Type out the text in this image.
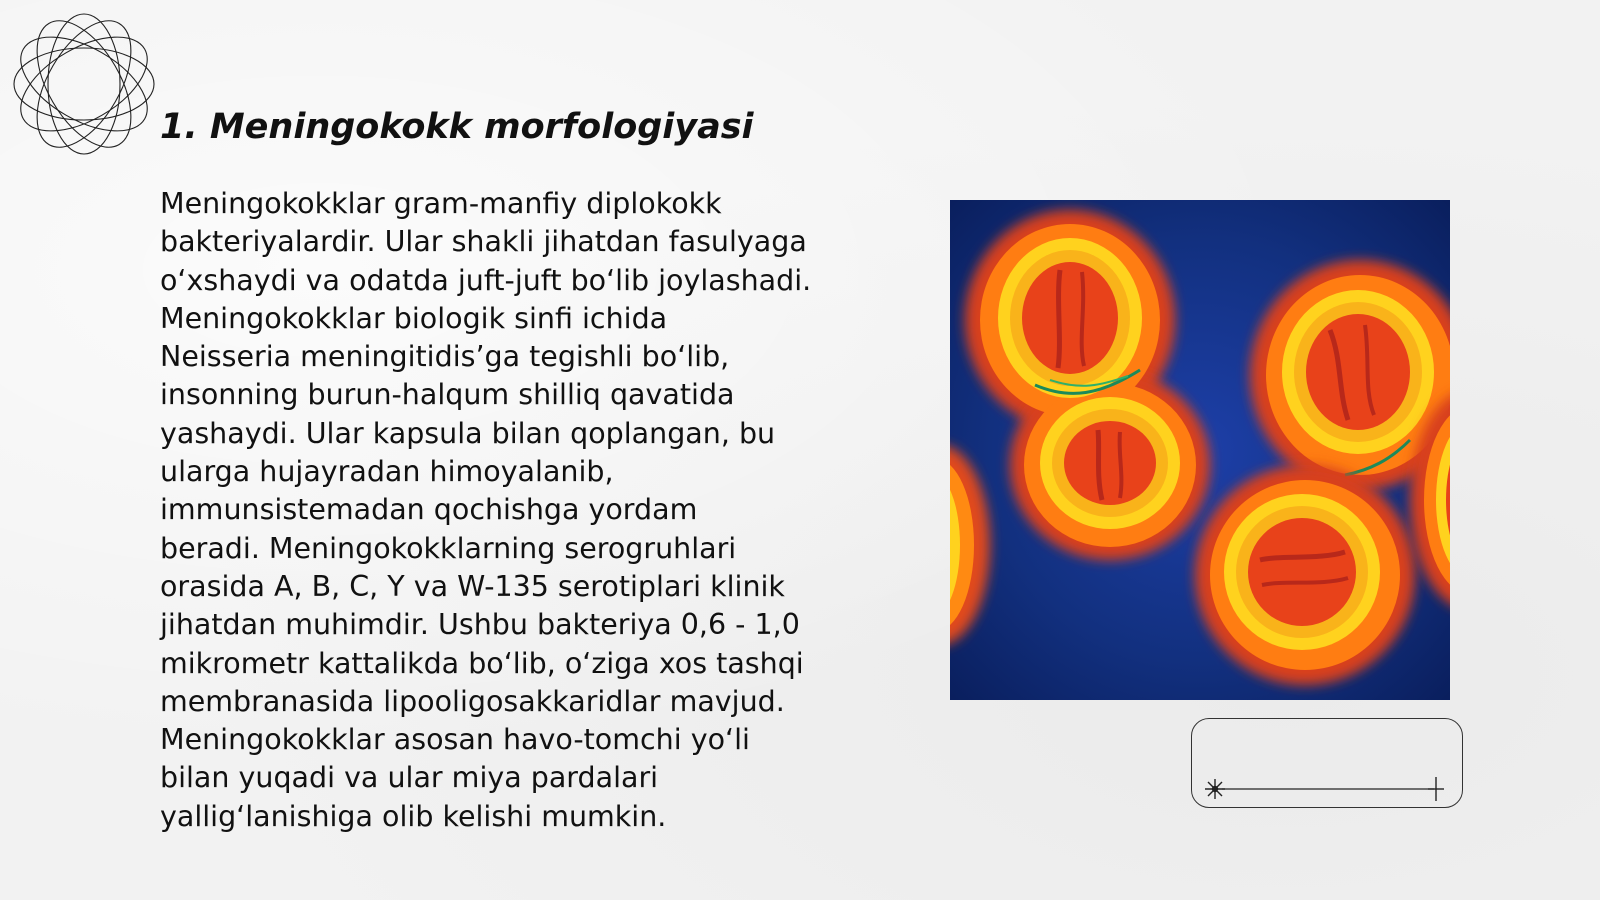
1. Meningokokk morfologiyasi

Meningokokklar gram-manfiy diplokokk
bakteriyalardir. Ular shakli jihatdan fasulyaga
o‘xshaydi va odatda juft-juft bo‘lib joylashadi.
Meningokokklar biologik sinfi ichida
Neisseria meningitidis’ga tegishli bo‘lib,
insonning burun-halqum shilliq qavatida
yashaydi. Ular kapsula bilan qoplangan, bu
ularga hujayradan himoyalanib,
immunsistemadan qochishga yordam
beradi. Meningokokklarning serogruhlari
orasida A, B, C, Y va W-135 serotiplari klinik
jihatdan muhimdir. Ushbu bakteriya 0,6 - 1,0
mikrometr kattalikda bo‘lib, o‘ziga xos tashqi
membranasida lipooligosakkaridlar mavjud.
Meningokokklar asosan havo-tomchi yo‘li
bilan yuqadi va ular miya pardalari
yallig‘lanishiga olib kelishi mumkin.
